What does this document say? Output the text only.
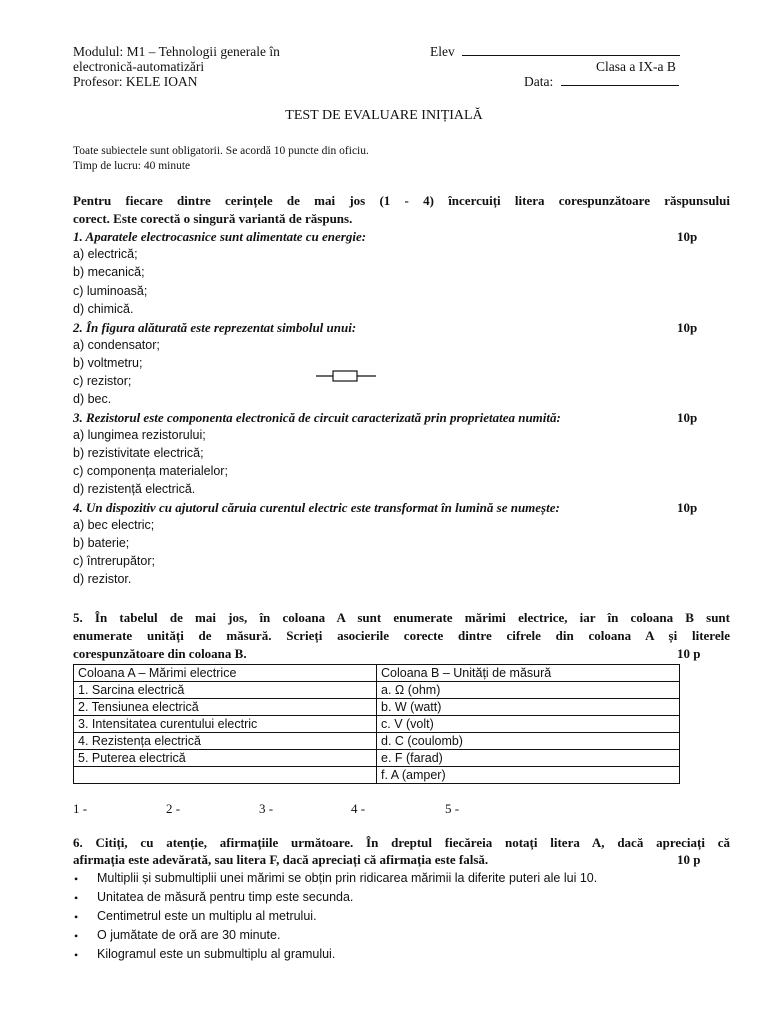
Modulul: M1 – Tehnologii generale în
electronică-automatizări
Profesor: KELE IOAN
Elev
Clasa a IX-a B
Data:
TEST DE EVALUARE INIȚIALĂ
Toate subiectele sunt obligatorii. Se acordă 10 puncte din oficiu.
Timp de lucru: 40 minute
Pentru fiecare dintre cerințele de mai jos (1 - 4) încercuiți litera corespunzătoare răspunsului
corect. Este corectă o singură variantă de răspuns.
1. Aparatele electrocasnice sunt alimentate cu energie:	10p
a) electrică;
b) mecanică;
c) luminoasă;
d) chimică.
2. În figura alăturată este reprezentat simbolul unui:	10p
a) condensator;
b) voltmetru;
c) rezistor;
d) bec.
3. Rezistorul este componenta electronică de circuit caracterizată prin proprietatea numită:	10p
a) lungimea rezistorului;
b) rezistivitate electrică;
c) componența materialelor;
d) rezistență electrică.
4. Un dispozitiv cu ajutorul căruia curentul electric este transformat în lumină se numește:	10p
a) bec electric;
b) baterie;
c) întrerupător;
d) rezistor.
5. În tabelul de mai jos, în coloana A sunt enumerate mărimi electrice, iar în coloana B sunt
enumerate unități de măsură. Scrieți asocierile corecte dintre cifrele din coloana A și literele
corespunzătoare din coloana B.	10 p
Coloana A – Mărimi electrice	Coloana B – Unități de măsură
1. Sarcina electrică	a. Ω (ohm)
2. Tensiunea electrică	b. W (watt)
3. Intensitatea curentului electric	c. V (volt)
4. Rezistența electrică	d. C (coulomb)
5. Puterea electrică	e. F (farad)
	f. A (amper)
1 -	2 -	3 -	4 -	5 -
6. Citiți, cu atenție, afirmațiile următoare. În dreptul fiecăreia notați litera A, dacă apreciați că
afirmația este adevărată, sau litera F, dacă apreciați că afirmația este falsă.	10 p
• Multiplii și submultiplii unei mărimi se obțin prin ridicarea mărimii la diferite puteri ale lui 10.
• Unitatea de măsură pentru timp este secunda.
• Centimetrul este un multiplu al metrului.
• O jumătate de oră are 30 minute.
• Kilogramul este un submultiplu al gramului.
